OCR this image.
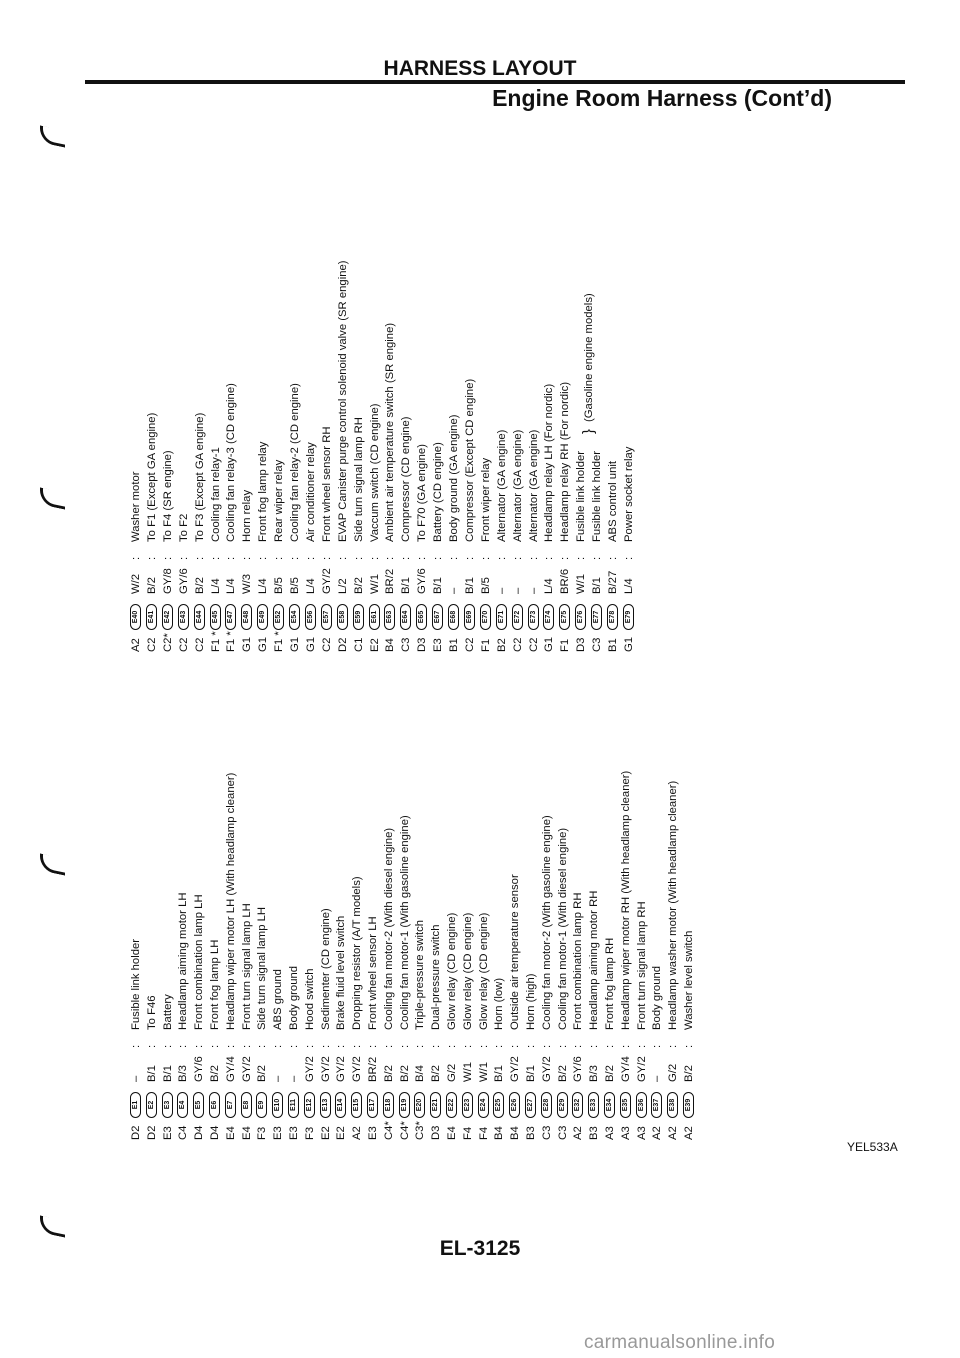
HARNESS LAYOUT
Engine Room Harness (Cont’d)
A2
E40
W/2
:
Washer motor
C2
E41
B/2
:
To F1 (Except GA engine)
C2*
E42
GY/8
:
To F4 (SR engine)
C2
E43
GY/6
:
To F2
C2
E44
B/2
:
To F3 (Except GA engine)
F1 *
E45
L/4
:
Cooling fan relay-1
F1 *
E47
L/4
:
Cooling fan relay-3 (CD engine)
G1
E48
W/3
:
Horn relay
G1
E49
L/4
:
Front fog lamp relay
F1 *
E52
B/5
:
Rear wiper relay
G1
E54
B/5
:
Cooling fan relay-2 (CD engine)
G1
E56
L/4
:
Air conditioner relay
C2
E57
GY/2
:
Front wheel sensor RH
D2
E58
L/2
:
EVAP Canister purge control solenoid valve (SR engine)
C1
E59
B/2
:
Side turn signal lamp RH
E2
E61
W/1
:
Vaccum switch (CD engine)
B4
E63
BR/2
:
Ambient air temperature switch (SR engine)
C3
E64
B/1
:
Compressor (CD engine)
D3
E65
GY/6
:
To F70 (GA engine)
E3
E67
B/1
:
Battery (CD engine)
B1
E68
–
:
Body ground (GA engine)
C2
E69
B/1
:
Compressor (Except CD engine)
F1
E70
B/5
:
Front wiper relay
B2
E71
–
:
Alternator (GA engine)
C2
E72
–
:
Alternator (GA engine)
C2
E73
–
:
Alternator (GA engine)
G1
E74
L/4
:
Headlamp relay LH (For nordic)
F1
E75
BR/6
:
Headlamp relay RH (For nordic)
D3
E76
W/1
:
Fusible link holder
C3
E77
B/1
:
Fusible link holder
B1
E78
B/27
:
ABS control unit
G1
E79
L/4
:
Power socket relay
}
(Gasoline engine models)
D2
E1
–
:
Fusible link holder
D2
E2
B/1
:
To F46
E3
E3
B/1
:
Battery
C4
E4
B/3
:
Headlamp aiming motor LH
D4
E5
GY/6
:
Front combination lamp LH
D4
E6
B/2
:
Front fog lamp LH
E4
E7
GY/4
:
Headlamp wiper motor LH (With headlamp cleaner)
E4
E8
GY/2
:
Front turn signal lamp LH
F3
E9
B/2
:
Side turn signal lamp LH
E3
E10
–
:
ABS ground
E3
E11
–
:
Body ground
F3
E12
GY/2
:
Hood switch
E2
E13
GY/2
:
Sedimenter (CD engine)
E2
E14
GY/2
:
Brake fluid level switch
A2
E15
GY/2
:
Dropping resistor (A/T models)
E3
E17
BR/2
:
Front wheel sensor LH
C4*
E18
B/2
:
Cooling fan motor-2 (With diesel engine)
C4*
E19
B/2
:
Cooling fan motor-1 (With gasoline engine)
C3*
E20
B/4
:
Triple-pressure switch
D3
E21
B/2
:
Dual-pressure switch
E4
E22
G/2
:
Glow relay (CD engine)
F4
E23
W/1
:
Glow relay (CD engine)
F4
E24
W/1
:
Glow relay (CD engine)
B4
E25
B/1
:
Horn (low)
B4
E26
GY/2
:
Outside air temperature sensor
B3
E27
B/1
:
Horn (high)
C3
E28
GY/2
:
Cooling fan motor-2 (With gasoline engine)
C3
E29
B/2
:
Cooling fan motor-1 (With diesel engine)
A2
E32
GY/6
:
Front combination lamp RH
B3
E33
B/3
:
Headlamp aiming motor RH
A3
E34
B/2
:
Front fog lamp RH
A3
E35
GY/4
:
Headlamp wiper motor RH (With headlamp cleaner)
A3
E36
GY/2
:
Front turn signal lamp RH
A2
E37
–
:
Body ground
A2
E38
G/2
:
Headlamp washer motor (With headlamp cleaner)
A2
E39
B/2
:
Washer level switch
YEL533A
EL-3125
carmanualsonline.info
